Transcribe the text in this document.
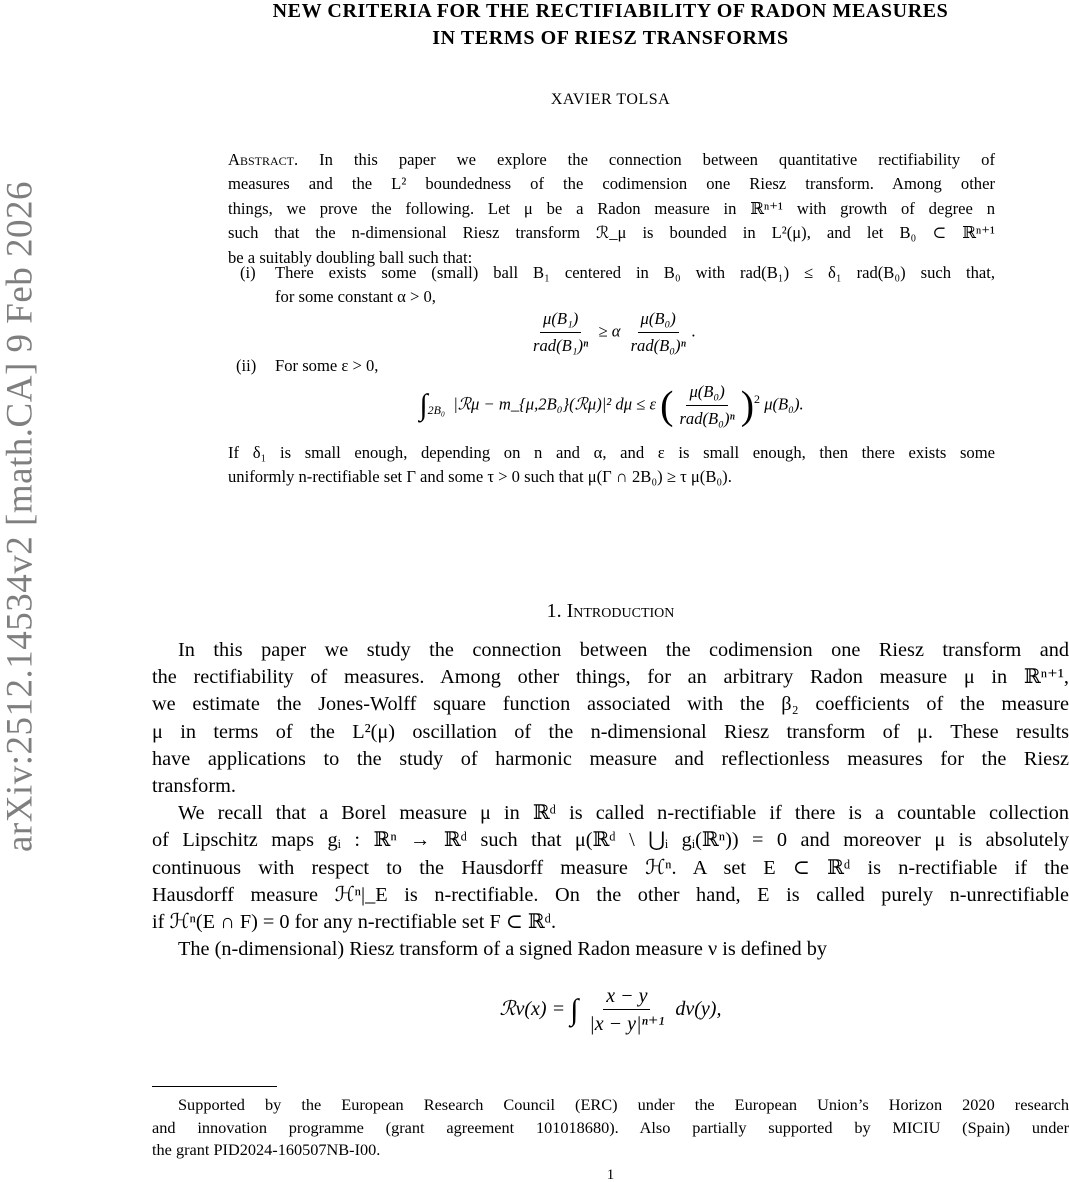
arXiv:2512.14534v2 [math.CA] 9 Feb 2026
NEW CRITERIA FOR THE RECTIFIABILITY OF RADON MEASURES
IN TERMS OF RIESZ TRANSFORMS
XAVIER TOLSA
Abstract. In this paper we explore the connection between quantitative rectifiability of
measures and the L² boundedness of the codimension one Riesz transform. Among other
things, we prove the following. Let μ be a Radon measure in ℝⁿ⁺¹ with growth of degree n
such that the n-dimensional Riesz transform ℛ_μ is bounded in L²(μ), and let B₀ ⊂ ℝⁿ⁺¹
be a suitably doubling ball such that:
(i)	There exists some (small) ball B₁ centered in B₀ with rad(B₁) ≤ δ₁ rad(B₀) such that,
for some constant α > 0,
$\frac{\text{μ(B₁)}}{\text{rad(B₁)ⁿ}} \ge \alpha \frac{\text{μ(B₀)}}{\text{rad(B₀)ⁿ}}$ .
(ii)	For some ε > 0,
$\int_{2B_0}$ |ℛμ − m_{μ,2B₀}(ℛμ)|² dμ ≤ ε ( $\frac{\text{μ(B₀)}}{\text{rad(B₀)ⁿ}} )^2$ μ(B₀).
If δ₁ is small enough, depending on n and α, and ε is small enough, then there exists some
uniformly n-rectifiable set Γ and some τ > 0 such that μ(Γ ∩ 2B₀) ≥ τ μ(B₀).
1. Introduction
In this paper we study the connection between the codimension one Riesz transform and
the rectifiability of measures. Among other things, for an arbitrary Radon measure μ in ℝⁿ⁺¹,
we estimate the Jones-Wolff square function associated with the β₂ coefficients of the measure
μ in terms of the L²(μ) oscillation of the n-dimensional Riesz transform of μ. These results
have applications to the study of harmonic measure and reflectionless measures for the Riesz
transform.
We recall that a Borel measure μ in ℝᵈ is called n-rectifiable if there is a countable collection
of Lipschitz maps gᵢ : ℝⁿ → ℝᵈ such that μ(ℝᵈ \ ⋃ᵢ gᵢ(ℝⁿ)) = 0 and moreover μ is absolutely
continuous with respect to the Hausdorff measure ℋⁿ. A set E ⊂ ℝᵈ is n-rectifiable if the
Hausdorff measure ℋⁿ|_E is n-rectifiable. On the other hand, E is called purely n-unrectifiable
if ℋⁿ(E ∩ F) = 0 for any n-rectifiable set F ⊂ ℝᵈ.
The (n-dimensional) Riesz transform of a signed Radon measure ν is defined by
ℛν(x) = ∫ $\frac{x - y}{\text{|x − y|ⁿ⁺¹}} d\nu(y)$,
Supported by the European Research Council (ERC) under the European Union’s Horizon 2020 research
and innovation programme (grant agreement 101018680). Also partially supported by MICIU (Spain) under
the grant PID2024-160507NB-I00.
1
